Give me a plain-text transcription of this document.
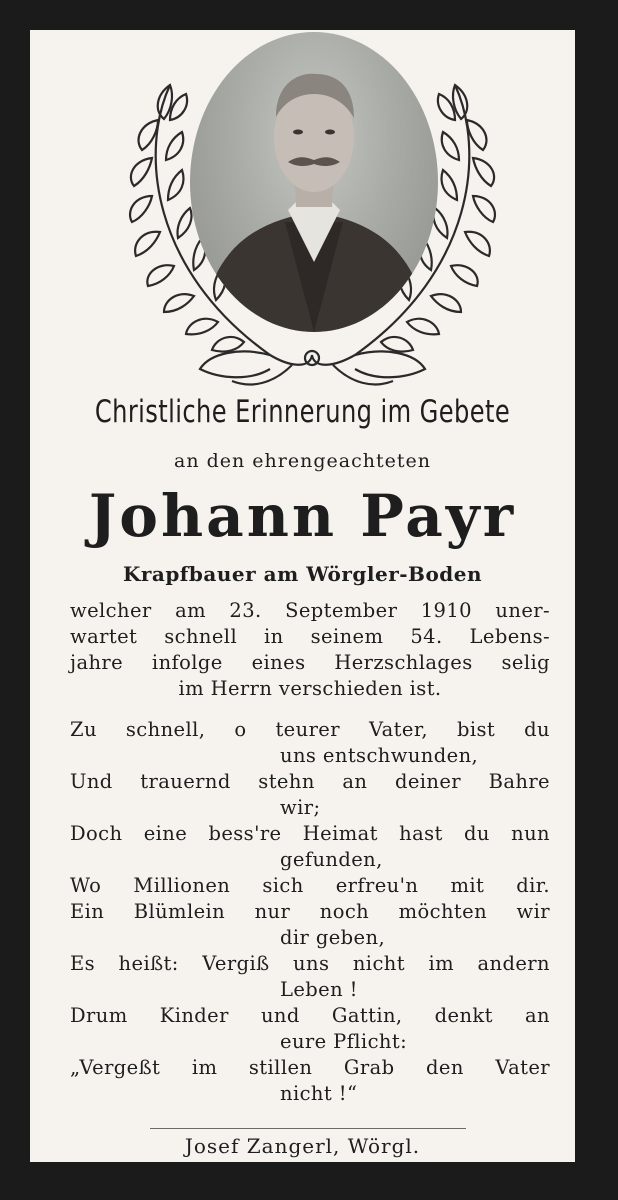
Christliche Erinnerung im Gebete
an den ehrengeachteten
Johann Payr
Krapfbauer am Wörgler-Boden
welcher am 23. September 1910 uner-
wartet schnell in seinem 54. Lebens-
jahre infolge eines Herzschlages selig
im Herrn verschieden ist.
Zu schnell, o teurer Vater, bist du
uns entschwunden,
Und trauernd stehn an deiner Bahre
wir;
Doch eine bess're Heimat hast du nun
gefunden,
Wo Millionen sich erfreu'n mit dir.
Ein Blümlein nur noch möchten wir
dir geben,
Es heißt: Vergiß uns nicht im andern
Leben !
Drum Kinder und Gattin, denkt an
eure Pflicht:
„Vergeßt im stillen Grab den Vater
nicht !“
Josef Zangerl, Wörgl.
